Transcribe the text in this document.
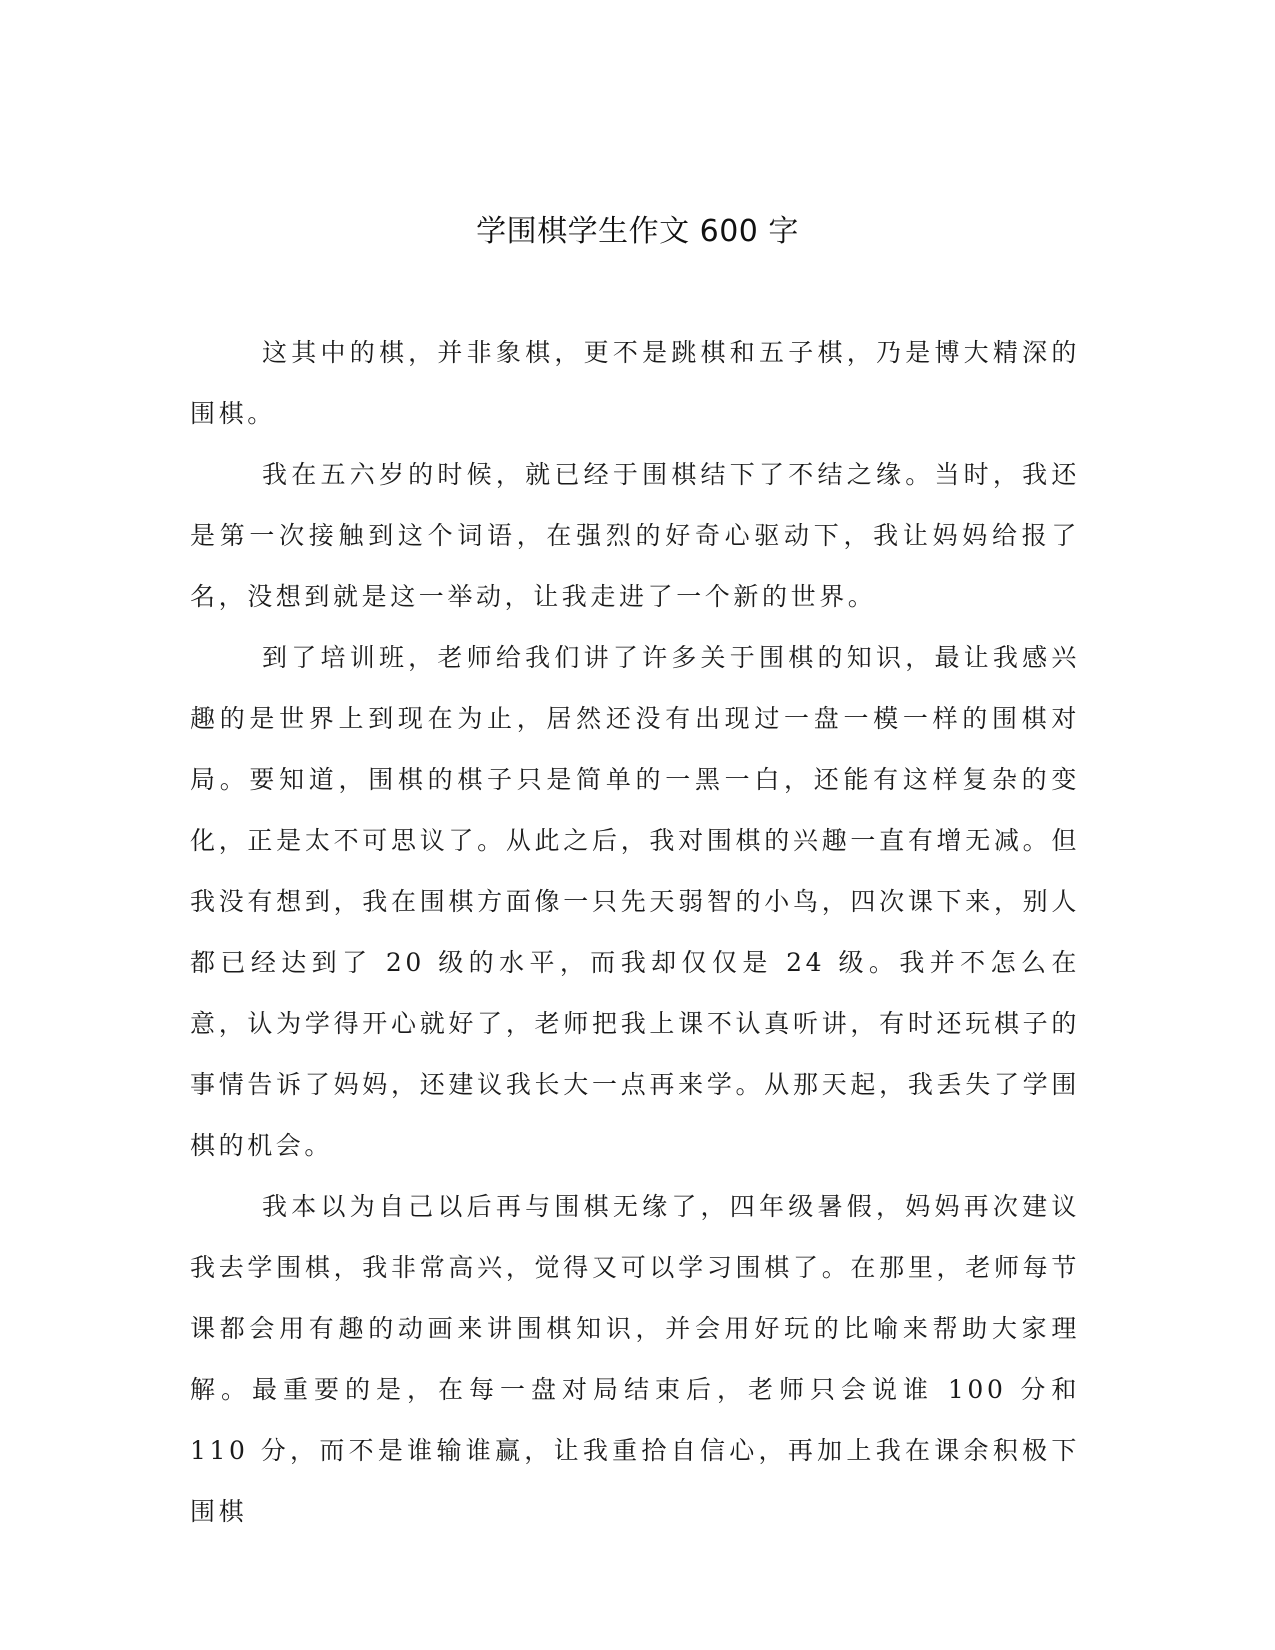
学围棋学生作文 600 字

这其中的棋，并非象棋，更不是跳棋和五子棋，乃是博大精深的围棋。

我在五六岁的时候，就已经于围棋结下了不结之缘。当时，我还是第一次接触到这个词语，在强烈的好奇心驱动下，我让妈妈给报了名，没想到就是这一举动，让我走进了一个新的世界。

到了培训班，老师给我们讲了许多关于围棋的知识，最让我感兴趣的是世界上到现在为止，居然还没有出现过一盘一模一样的围棋对局。要知道，围棋的棋子只是简单的一黑一白，还能有这样复杂的变化，正是太不可思议了。从此之后，我对围棋的兴趣一直有增无减。但我没有想到，我在围棋方面像一只先天弱智的小鸟，四次课下来，别人都已经达到了 20 级的水平，而我却仅仅是 24 级。我并不怎么在意，认为学得开心就好了，老师把我上课不认真听讲，有时还玩棋子的事情告诉了妈妈，还建议我长大一点再来学。从那天起，我丢失了学围棋的机会。

我本以为自己以后再与围棋无缘了，四年级暑假，妈妈再次建议我去学围棋，我非常高兴，觉得又可以学习围棋了。在那里，老师每节课都会用有趣的动画来讲围棋知识，并会用好玩的比喻来帮助大家理解。最重要的是，在每一盘对局结束后，老师只会说谁 100 分和 110 分，而不是谁输谁赢，让我重拾自信心，再加上我在课余积极下围棋
